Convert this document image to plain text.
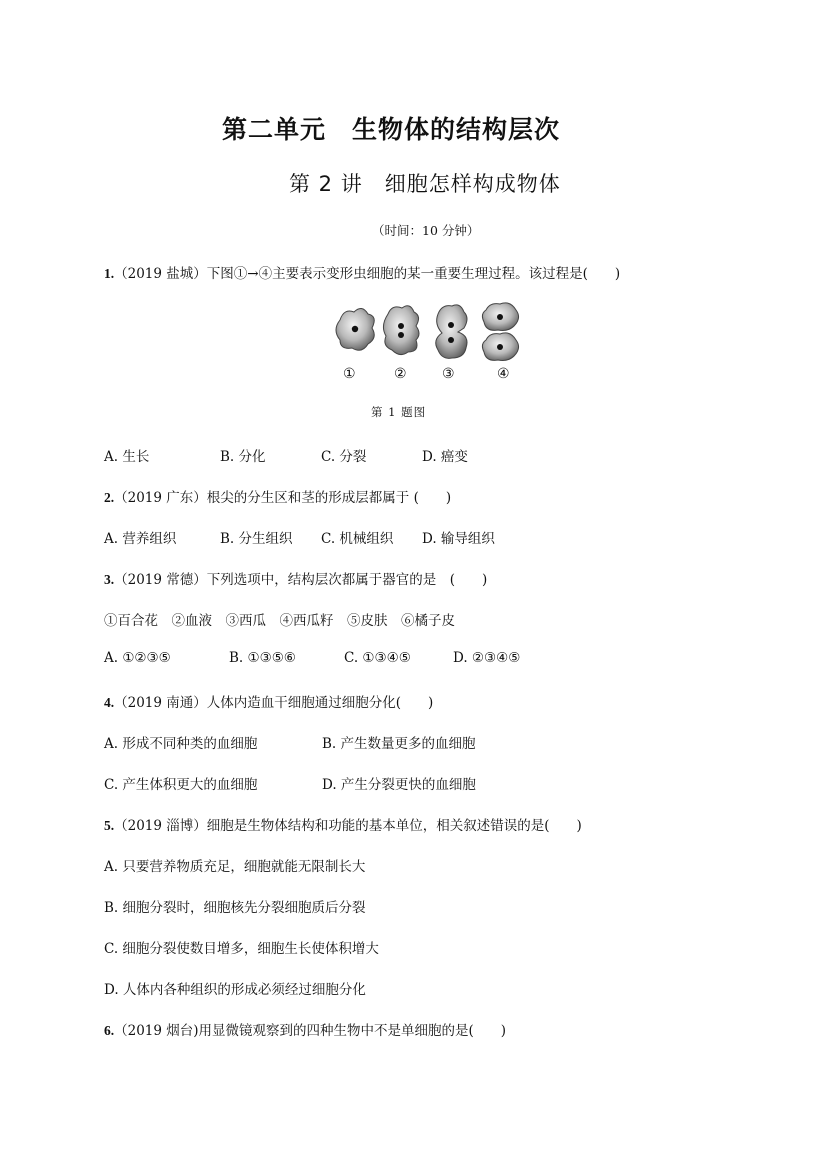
第二单元　生物体的结构层次
第 2 讲　细胞怎样构成物体
（时间：10 分钟）
1.（2019 盐城）下图①→④主要表示变形虫细胞的某一重要生理过程。该过程是(　　)
①	②	③	④
第 1 题图
A. 生长	B. 分化	C. 分裂	D. 癌变
2.（2019 广东）根尖的分生区和茎的形成层都属于 (　　)
A. 营养组织	B. 分生组织 C. 机械组织 D. 输导组织
3.（2019 常德）下列选项中，结构层次都属于器官的是　(　　)
①百合花　②血液　③西瓜　④西瓜籽　⑤皮肤　⑥橘子皮
A. ①②③⑤	B. ①③⑤⑥	C. ①③④⑤	D. ②③④⑤
4.（2019 南通）人体内造血干细胞通过细胞分化(　　)
A. 形成不同种类的血细胞	B. 产生数量更多的血细胞
C. 产生体积更大的血细胞	D. 产生分裂更快的血细胞
5.（2019 淄博）细胞是生物体结构和功能的基本单位，相关叙述错误的是(　　)
A. 只要营养物质充足，细胞就能无限制长大
B. 细胞分裂时，细胞核先分裂细胞质后分裂
C. 细胞分裂使数目增多，细胞生长使体积增大
D. 人体内各种组织的形成必须经过细胞分化
6.（2019 烟台)用显微镜观察到的四种生物中不是单细胞的是(　　)
